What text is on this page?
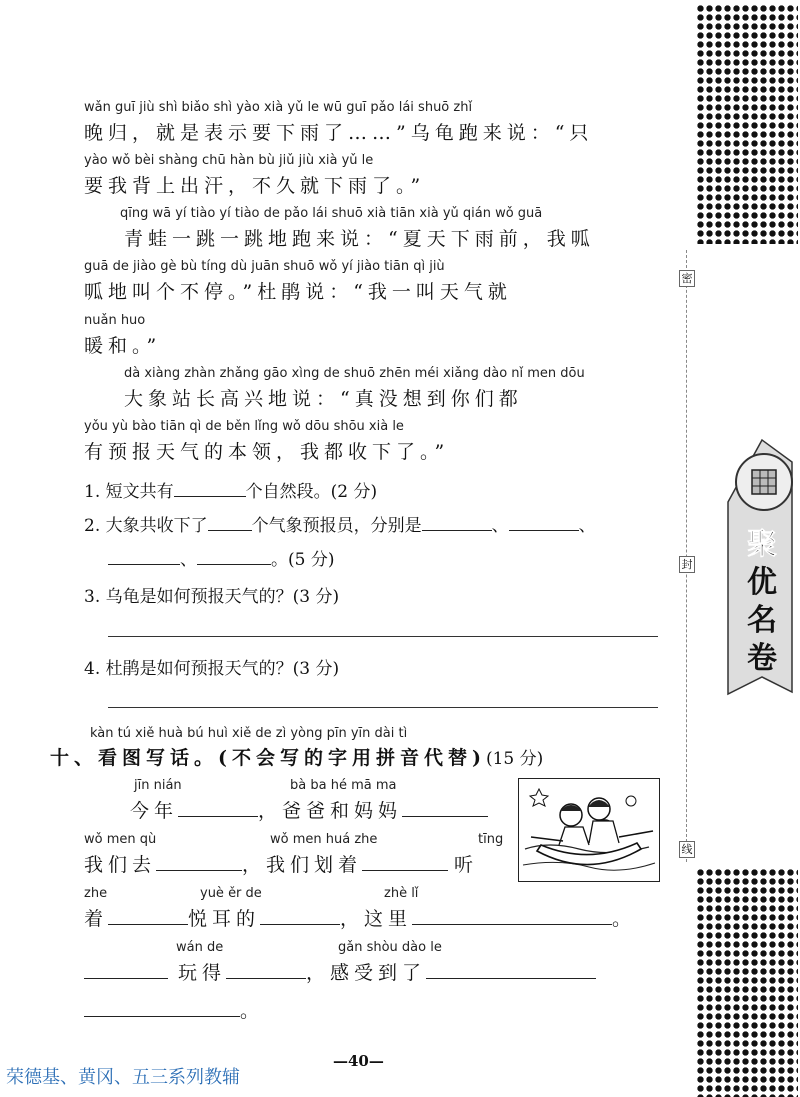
密
封
线
聚
优
名
卷
wǎn guī jiù shì biǎo shì yào xià yǔ le wū guī pǎo lái shuō zhǐ
晚归，就是表示要下雨了……”乌龟跑来说：“只
yào wǒ bèi shàng chū hàn bù jiǔ jiù xià yǔ le
要我背上出汗，不久就下雨了。”
qīng wā yí tiào yí tiào de pǎo lái shuō xià tiān xià yǔ qián wǒ guā
青蛙一跳一跳地跑来说：“夏天下雨前，我呱
guā de jiào gè bù tíng dù juān shuō wǒ yí jiào tiān qì jiù
呱地叫个不停。”杜鹃说：“我一叫天气就
nuǎn huo
暖和。”
dà xiàng zhàn zhǎng gāo xìng de shuō zhēn méi xiǎng dào nǐ men dōu
大象站长高兴地说：“真没想到你们都
yǒu yù bào tiān qì de běn lǐng wǒ dōu shōu xià le
有预报天气的本领，我都收下了。”
1. 短文共有	个自然段。(2 分)
2. 大象共收下了	个气象预报员，分别是	、	、
、	。(5 分)
3. 乌龟是如何预报天气的？(3 分)
4. 杜鹃是如何预报天气的？(3 分)
kàn tú xiě huà bú huì xiě de zì yòng pīn yīn dài tì
十、看图写话。(不会写的字用拼音代替)(15 分)
jīn nián	bà ba hé mā ma
今年	，爸爸和妈妈
wǒ men qù	wǒ men huá zhe	tīng
我们去	，我们划着	听
zhe	yuè ěr de	zhè lǐ
着	悦耳的	，这里	。
wán de	gǎn shòu dào le
玩得	，感受到了
。
—40—
荣德基、黄冈、五三系列教辅
